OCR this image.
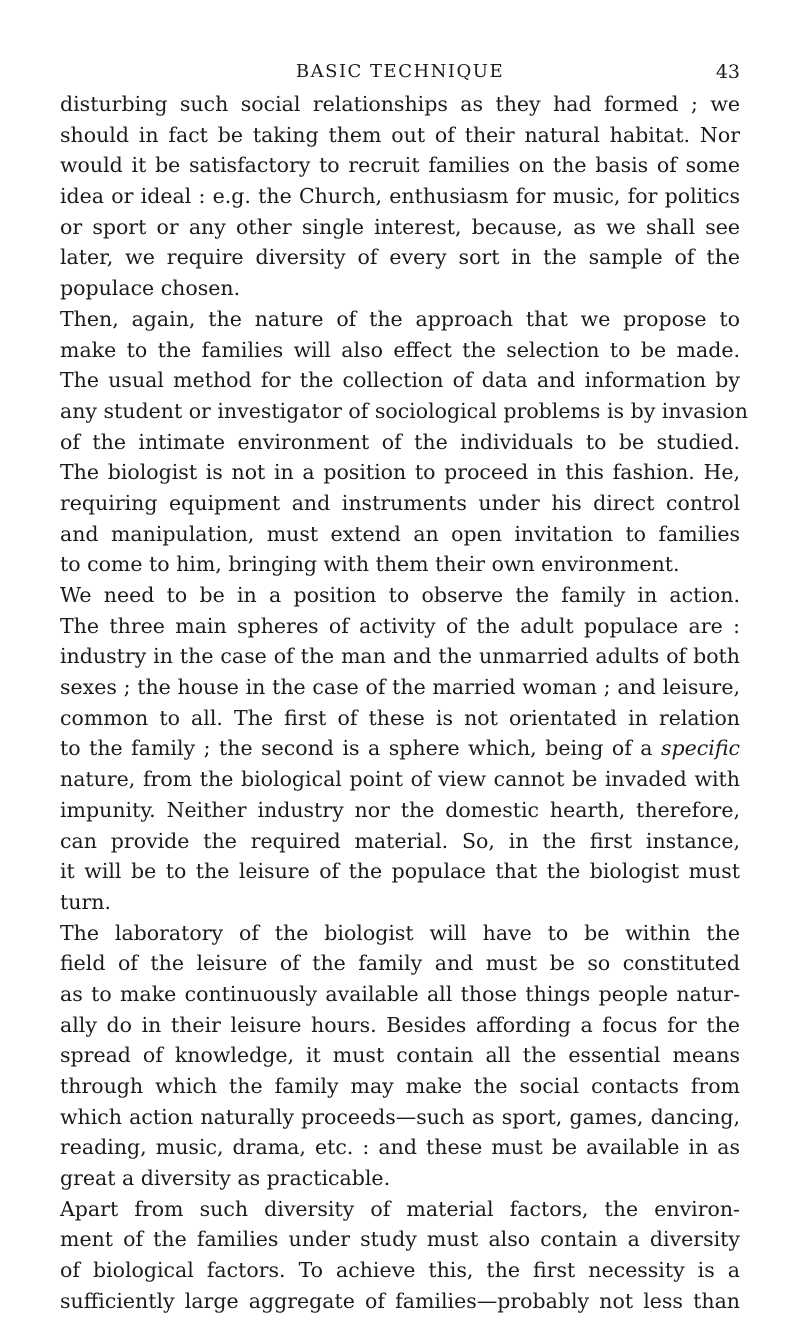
BASIC TECHNIQUE	43
disturbing such social relationships as they had formed ; we
should in fact be taking them out of their natural habitat. Nor
would it be satisfactory to recruit families on the basis of some
idea or ideal : e.g. the Church, enthusiasm for music, for politics
or sport or any other single interest, because, as we shall see
later, we require diversity of every sort in the sample of the
populace chosen.
Then, again, the nature of the approach that we propose to
make to the families will also effect the selection to be made.
The usual method for the collection of data and information by
any student or investigator of sociological problems is by invasion
of the intimate environment of the individuals to be studied.
The biologist is not in a position to proceed in this fashion. He,
requiring equipment and instruments under his direct control
and manipulation, must extend an open invitation to families
to come to him, bringing with them their own environment.
We need to be in a position to observe the family in action.
The three main spheres of activity of the adult populace are :
industry in the case of the man and the unmarried adults of both
sexes ; the house in the case of the married woman ; and leisure,
common to all. The first of these is not orientated in relation
to the family ; the second is a sphere which, being of a specific
nature, from the biological point of view cannot be invaded with
impunity. Neither industry nor the domestic hearth, therefore,
can provide the required material. So, in the first instance,
it will be to the leisure of the populace that the biologist must
turn.
The laboratory of the biologist will have to be within the
field of the leisure of the family and must be so constituted
as to make continuously available all those things people natur-
ally do in their leisure hours. Besides affording a focus for the
spread of knowledge, it must contain all the essential means
through which the family may make the social contacts from
which action naturally proceeds—such as sport, games, dancing,
reading, music, drama, etc. : and these must be available in as
great a diversity as practicable.
Apart from such diversity of material factors, the environ-
ment of the families under study must also contain a diversity
of biological factors. To achieve this, the first necessity is a
sufficiently large aggregate of families—probably not less than
